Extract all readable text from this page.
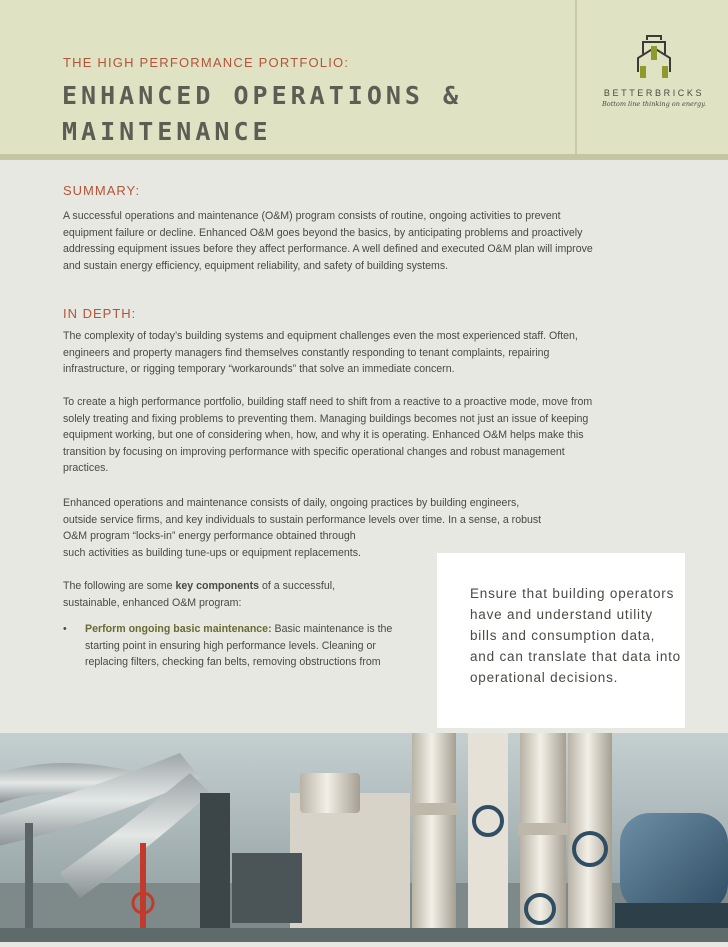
THE HIGH PERFORMANCE PORTFOLIO:
ENHANCED OPERATIONS &
MAINTENANCE
BETTERBRICKS
Bottom line thinking on energy.
SUMMARY:
A successful operations and maintenance (O&M) program consists of routine, ongoing activities to prevent equipment failure or decline. Enhanced O&M goes beyond the basics, by anticipating problems and proactively addressing equipment issues before they affect performance. A well defined and executed O&M plan will improve and sustain energy efficiency, equipment reliability, and safety of building systems.
IN DEPTH:
The complexity of today’s building systems and equipment challenges even the most experienced staff. Often, engineers and property managers find themselves constantly responding to tenant complaints, repairing infrastructure, or rigging temporary “workarounds” that solve an immediate concern.
To create a high performance portfolio, building staff need to shift from a reactive to a proactive mode, move from solely treating and fixing problems to preventing them. Managing buildings becomes not just an issue of keeping equipment working, but one of considering when, how, and why it is operating. Enhanced O&M helps make this transition by focusing on improving performance with specific operational changes and robust management practices.
Enhanced operations and maintenance consists of daily, ongoing practices by building engineers,
outside service firms, and key individuals to sustain performance levels over time. In a sense, a robust
O&M program “locks-in” energy performance obtained through
such activities as building tune-ups or equipment replacements.
The following are some key components of a successful,
sustainable, enhanced O&M program:
• Perform ongoing basic maintenance: Basic maintenance is the starting point in ensuring high performance levels. Cleaning or replacing filters, checking fan belts, removing obstructions from
Ensure that building operators have and understand utility bills and consumption data, and can translate that data into operational decisions.
